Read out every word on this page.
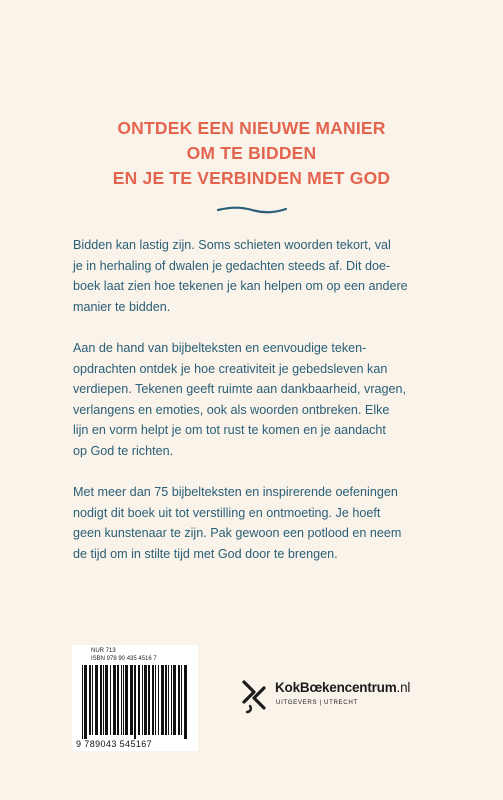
ONTDEK EEN NIEUWE MANIER
OM TE BIDDEN
EN JE TE VERBINDEN MET GOD

Bidden kan lastig zijn. Soms schieten woorden tekort, val
je in herhaling of dwalen je gedachten steeds af. Dit doe-
boek laat zien hoe tekenen je kan helpen om op een andere
manier te bidden.

Aan de hand van bijbelteksten en eenvoudige teken-
opdrachten ontdek je hoe creativiteit je gebedsleven kan
verdiepen. Tekenen geeft ruimte aan dankbaarheid, vragen,
verlangens en emoties, ook als woorden ontbreken. Elke
lijn en vorm helpt je om tot rust te komen en je aandacht
op God te richten.

Met meer dan 75 bijbelteksten en inspirerende oefeningen
nodigt dit boek uit tot verstilling en ontmoeting. Je hoeft
geen kunstenaar te zijn. Pak gewoon een potlood en neem
de tijd om in stilte tijd met God door te brengen.

NUR 713
ISBN 978 90 435 4516 7
9 789043 545167
KokBœkencentrum.nl
UITGEVERS | UTRECHT
